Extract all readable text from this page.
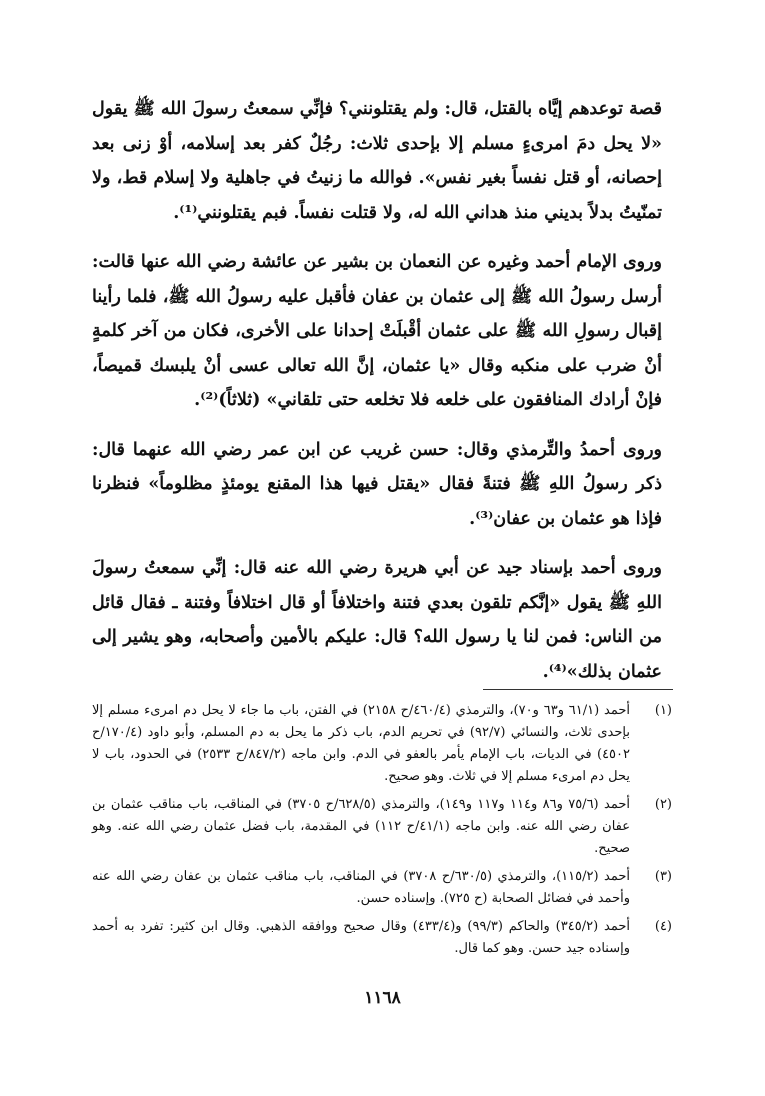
قصة توعدهم إيَّاه بالقتل، قال: ولم يقتلونني؟ فإنِّي سمعتُ رسولَ الله ﷺ يقول «لا يحل دمَ امرىءٍ مسلم إلا بإحدى ثلاث: رجُلٌ كفر بعد إسلامه، أوْ زنى بعد إحصانه، أو قتل نفساً بغير نفس». فوالله ما زنيتُ في جاهلية ولا إسلام قط، ولا تمنّيتُ بدلاً بديني منذ هداني الله له، ولا قتلت نفساً. فبم يقتلونني⁽¹⁾.

وروى الإمام أحمد وغيره عن النعمان بن بشير عن عائشة رضي الله عنها قالت: أرسل رسولُ الله ﷺ إلى عثمان بن عفان فأقبل عليه رسولُ الله ﷺ، فلما رأينا إقبال رسولِ الله ﷺ على عثمان أقْبلَتْ إحدانا على الأخرى، فكان من آخر كلمةٍ أنْ ضرب على منكبه وقال «يا عثمان، إنَّ الله تعالى عسى أنْ يلبسك قميصاً، فإنْ أرادك المنافقون على خلعه فلا تخلعه حتى تلقاني» (ثلاثاً)⁽²⁾.

وروى أحمدُ والتِّرمذي وقال: حسن غريب عن ابن عمر رضي الله عنهما قال: ذكر رسولُ اللهِ ﷺ فتنةً فقال «يقتل فيها هذا المقنع يومئذٍ مظلوماً» فنظرنا فإذا هو عثمان بن عفان⁽³⁾.

وروى أحمد بإسناد جيد عن أبي هريرة رضي الله عنه قال: إنِّي سمعتُ رسولَ اللهِ ﷺ يقول «إنَّكم تلقون بعدي فتنة واختلافاً أو قال اختلافاً وفتنة ـ فقال قائل من الناس: فمن لنا يا رسول الله؟ قال: عليكم بالأمين وأصحابه، وهو يشير إلى عثمان بذلك»⁽⁴⁾.

(١)
أحمد (٦١/١ و٦٣ و٧٠)، والترمذي (٤٦٠/٤/ح ٢١٥٨) في الفتن، باب ما جاء لا يحل دم امرىء مسلم إلا بإحدى ثلاث، والنسائي (٩٢/٧) في تحريم الدم، باب ذكر ما يحل به دم المسلم، وأبو داود (١٧٠/٤/ح ٤٥٠٢) في الديات، باب الإمام يأمر بالعفو في الدم. وابن ماجه (٨٤٧/٢/ح ٢٥٣٣) في الحدود، باب لا يحل دم امرىء مسلم إلا في ثلاث. وهو صحيح.
(٢)
أحمد (٧٥/٦ و٨٦ و١١٤ و١١٧ و١٤٩)، والترمذي (٦٢٨/٥/ح ٣٧٠٥) في المناقب، باب مناقب عثمان بن عفان رضي الله عنه. وابن ماجه (٤١/١/ح ١١٢) في المقدمة، باب فضل عثمان رضي الله عنه. وهو صحيح.
(٣)
أحمد (١١٥/٢)، والترمذي (٦٣٠/٥/ح ٣٧٠٨) في المناقب، باب مناقب عثمان بن عفان رضي الله عنه وأحمد في فضائل الصحابة (ح ٧٢٥). وإسناده حسن.
(٤)
أحمد (٣٤٥/٢) والحاكم (٩٩/٣) و(٤٣٣/٤) وقال صحيح ووافقه الذهبي. وقال ابن كثير: تفرد به أحمد وإسناده جيد حسن. وهو كما قال.
١١٦٨
